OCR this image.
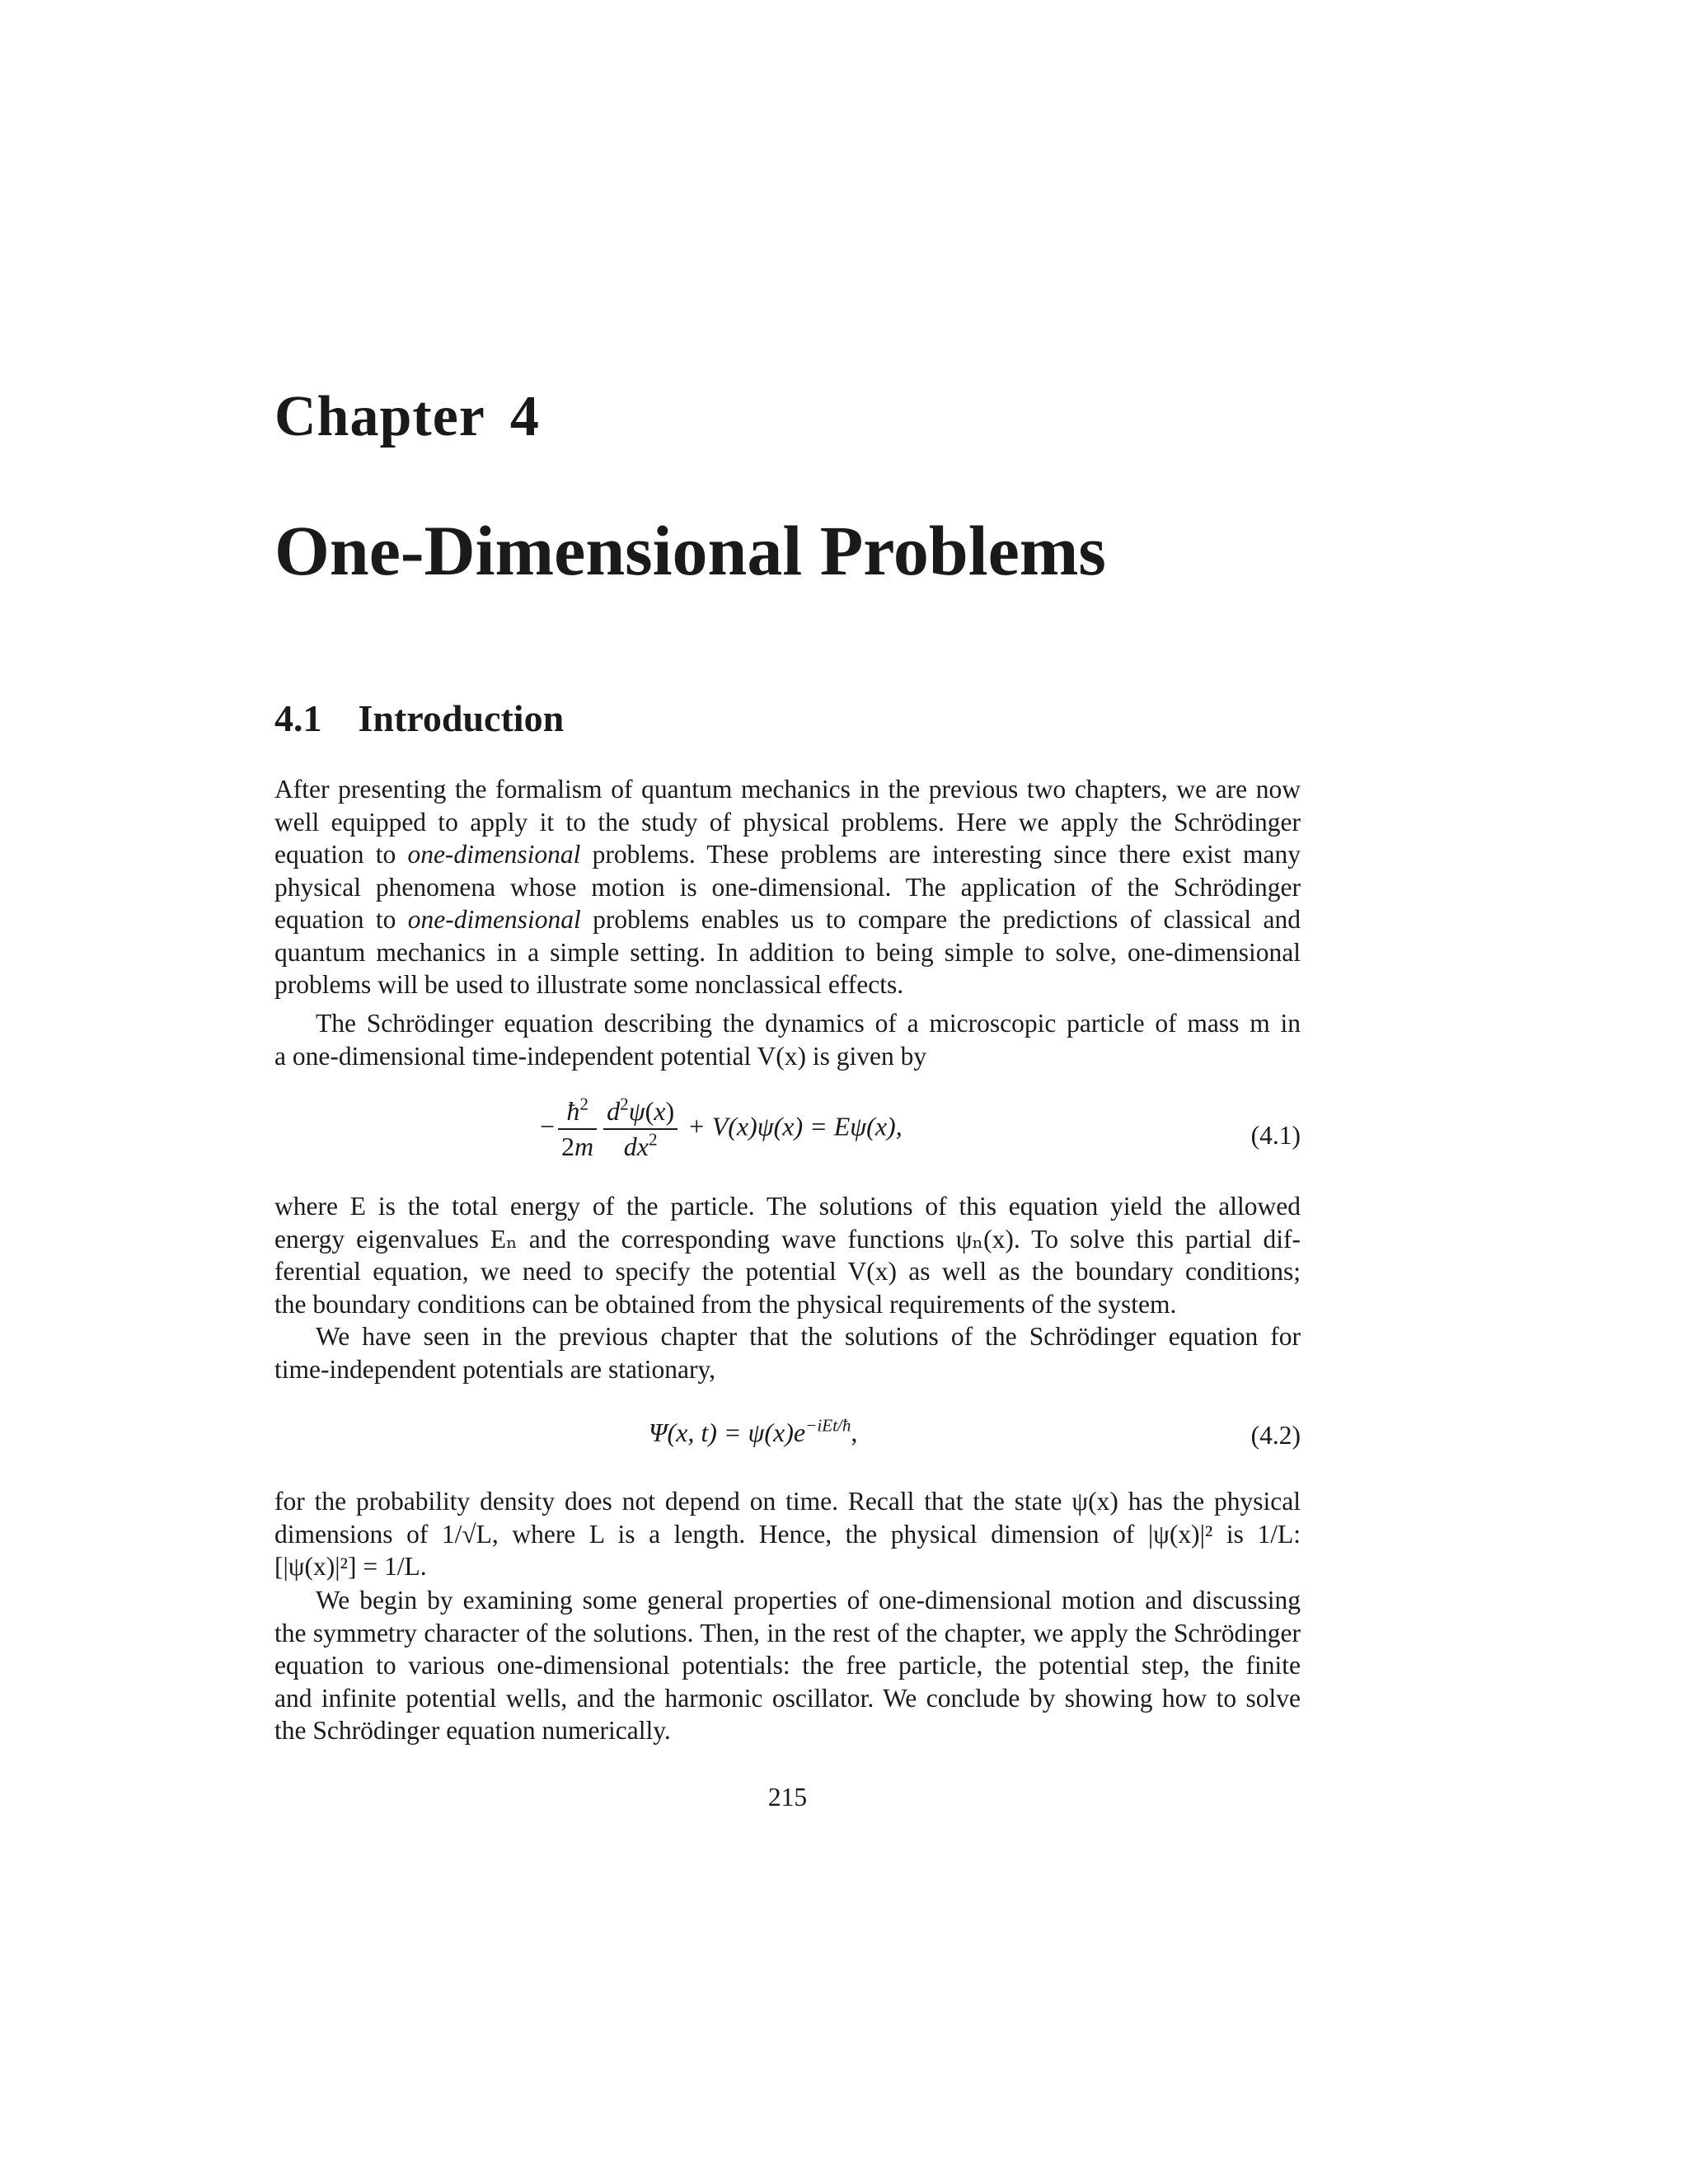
Chapter 4
One-Dimensional Problems
4.1 Introduction
After presenting the formalism of quantum mechanics in the previous two chapters, we are now
well equipped to apply it to the study of physical problems. Here we apply the Schrödinger
equation to one-dimensional problems. These problems are interesting since there exist many
physical phenomena whose motion is one-dimensional. The application of the Schrödinger
equation to one-dimensional problems enables us to compare the predictions of classical and
quantum mechanics in a simple setting. In addition to being simple to solve, one-dimensional
problems will be used to illustrate some nonclassical effects.
The Schrödinger equation describing the dynamics of a microscopic particle of mass m in
a one-dimensional time-independent potential V(x) is given by
− $\frac{ħ^2}{2m} \frac{d^2\psi(x)}{dx^2} + V(x)\psi(x) = E\psi(x)$,	(4.1)
where E is the total energy of the particle. The solutions of this equation yield the allowed
energy eigenvalues Eₙ and the corresponding wave functions ψₙ(x). To solve this partial dif-
ferential equation, we need to specify the potential V(x) as well as the boundary conditions;
the boundary conditions can be obtained from the physical requirements of the system.
We have seen in the previous chapter that the solutions of the Schrödinger equation for
time-independent potentials are stationary,
Ψ(x, $t) = \psi(x)e^{-iEt/ħ}$,	(4.2)
for the probability density does not depend on time. Recall that the state ψ(x) has the physical
dimensions of 1/√L, where L is a length. Hence, the physical dimension of |ψ(x)|² is 1/L:
[|ψ(x)|²] = 1/L.
We begin by examining some general properties of one-dimensional motion and discussing
the symmetry character of the solutions. Then, in the rest of the chapter, we apply the Schrödinger
equation to various one-dimensional potentials: the free particle, the potential step, the finite
and infinite potential wells, and the harmonic oscillator. We conclude by showing how to solve
the Schrödinger equation numerically.
215
